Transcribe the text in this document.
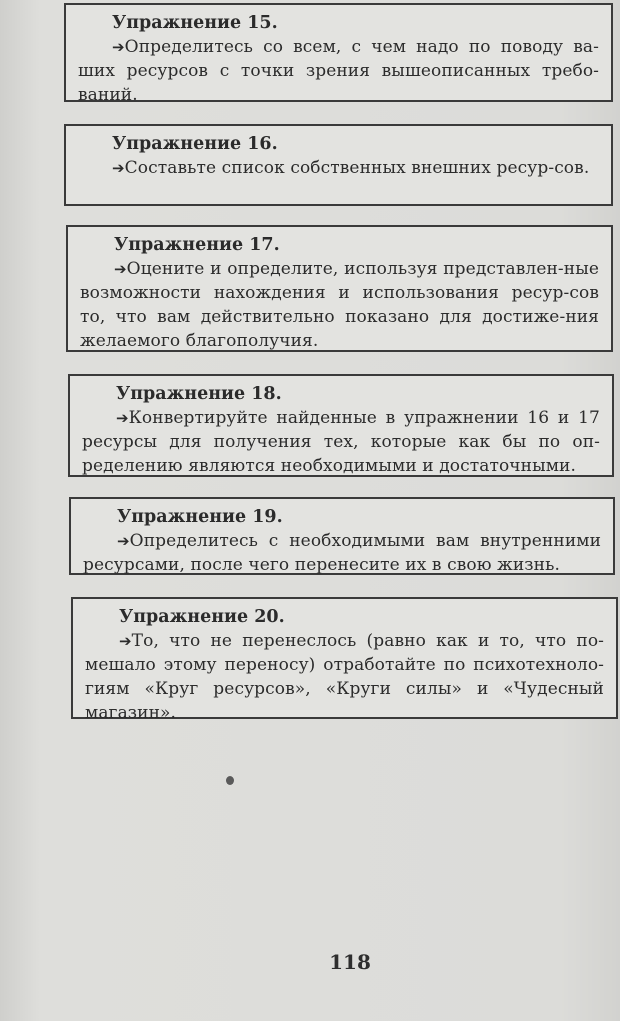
Упражнение 15.
➔Определитесь со всем, с чем надо по поводу ва-ших ресурсов с точки зрения вышеописанных требо-ваний.
Упражнение 16.
➔Составьте список собственных внешних ресур-сов.
Упражнение 17.
➔Оцените и определите, используя представлен-ные возможности нахождения и использования ресур-сов то, что вам действительно показано для достиже-ния желаемого благополучия.
Упражнение 18.
➔Конвертируйте найденные в упражнении 16 и 17 ресурсы для получения тех, которые как бы по оп-ределению являются необходимыми и достаточными.
Упражнение 19.
➔Определитесь с необходимыми вам внутренними ресурсами, после чего перенесите их в свою жизнь.
Упражнение 20.
➔То, что не перенеслось (равно как и то, что по-мешало этому переносу) отработайте по психотехноло-гиям «Круг ресурсов», «Круги силы» и «Чудесный магазин».
118
